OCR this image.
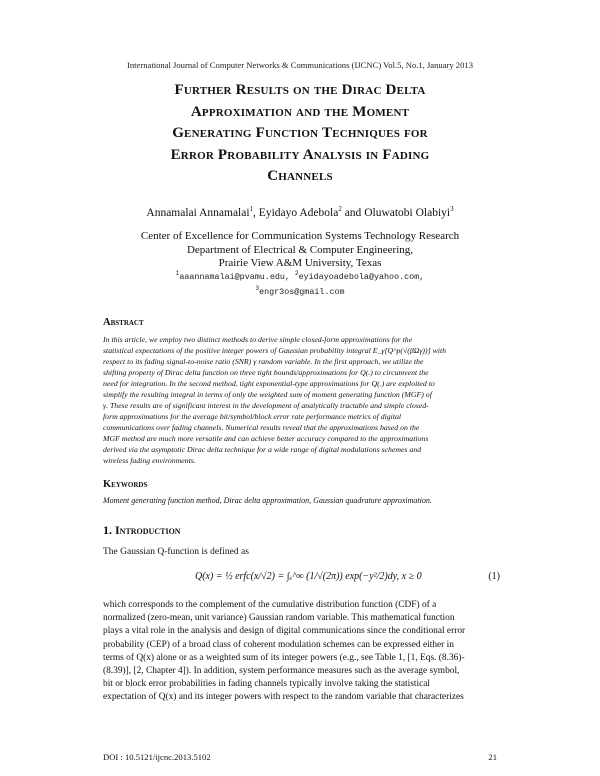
International Journal of Computer Networks & Communications (IJCNC) Vol.5, No.1, January 2013
Further Results on the Dirac Delta
Approximation and the Moment
Generating Function Techniques for
Error Probability Analysis in Fading
Channels
Annamalai Annamalai$^1$, Eyidayo Adebola$^2$ and Oluwatobi Olabiyi$^3$
Center of Excellence for Communication Systems Technology Research
Department of Electrical & Computer Engineering,
Prairie View A&M University, Texas
$^1$aaannamalai@pvamu.edu, $^2$eyidayoadebola@yahoo.com,
$^3$engr3os@gmail.com
Abstract
In this article, we employ two distinct methods to derive simple closed-form approximations for the
statistical expectations of the positive integer powers of Gaussian probability integral E_γ[Q^p(√(βΩγ))] with
respect to its fading signal-to-noise ratio (SNR) γ random variable. In the first approach, we utilize the
shifting property of Dirac delta function on three tight bounds/approximations for Q(.) to circumvent the
need for integration. In the second method, tight exponential-type approximations for Q(.) are exploited to
simplify the resulting integral in terms of only the weighted sum of moment generating function (MGF) of
γ. These results are of significant interest in the development of analytically tractable and simple closed-
form approximations for the average bit/symbol/block error rate performance metrics of digital
communications over fading channels. Numerical results reveal that the approximations based on the
MGF method are much more versatile and can achieve better accuracy compared to the approximations
derived via the asymptotic Dirac delta technique for a wide range of digital modulations schemes and
wireless fading environments.
Keywords
Moment generating function method, Dirac delta approximation, Gaussian quadrature approximation.
1. Introduction
The Gaussian Q-function is defined as
Q(x) = ½ erfc(x/√2) = ∫ₓ^∞ (1/√(2π)) exp(−y²/2)dy, x ≥ 0	(1)
which corresponds to the complement of the cumulative distribution function (CDF) of a
normalized (zero-mean, unit variance) Gaussian random variable. This mathematical function
plays a vital role in the analysis and design of digital communications since the conditional error
probability (CEP) of a broad class of coherent modulation schemes can be expressed either in
terms of Q(x) alone or as a weighted sum of its integer powers (e.g., see Table 1, [1, Eqs. (8.36)-
(8.39)], [2, Chapter 4]). In addition, system performance measures such as the average symbol,
bit or block error probabilities in fading channels typically involve taking the statistical
expectation of Q(x) and its integer powers with respect to the random variable that characterizes
DOI : 10.5121/ijcnc.2013.5102	21
